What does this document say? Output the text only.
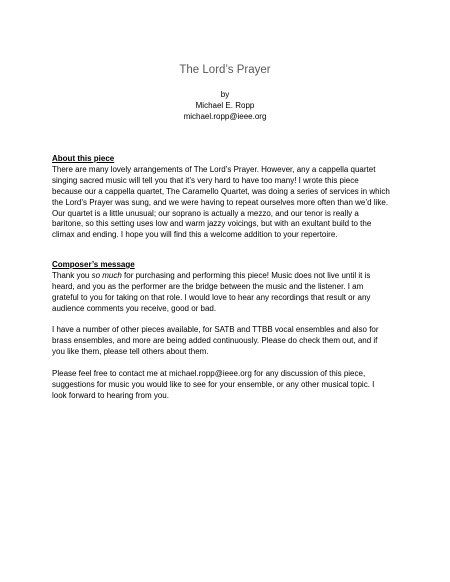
The Lord’s Prayer
by
Michael E. Ropp
michael.ropp@ieee.org
About this piece
There are many lovely arrangements of The Lord’s Prayer. However, any a cappella quartet
singing sacred music will tell you that it’s very hard to have too many! I wrote this piece
because our a cappella quartet, The Caramello Quartet, was doing a series of services in which
the Lord’s Prayer was sung, and we were having to repeat ourselves more often than we’d like.
Our quartet is a little unusual; our soprano is actually a mezzo, and our tenor is really a
baritone, so this setting uses low and warm jazzy voicings, but with an exultant build to the
climax and ending. I hope you will find this a welcome addition to your repertoire.
Composer’s message
Thank you so much for purchasing and performing this piece! Music does not live until it is
heard, and you as the performer are the bridge between the music and the listener. I am
grateful to you for taking on that role. I would love to hear any recordings that result or any
audience comments you receive, good or bad.
I have a number of other pieces available, for SATB and TTBB vocal ensembles and also for
brass ensembles, and more are being added continuously. Please do check them out, and if
you like them, please tell others about them.
Please feel free to contact me at michael.ropp@ieee.org for any discussion of this piece,
suggestions for music you would like to see for your ensemble, or any other musical topic. I
look forward to hearing from you.
